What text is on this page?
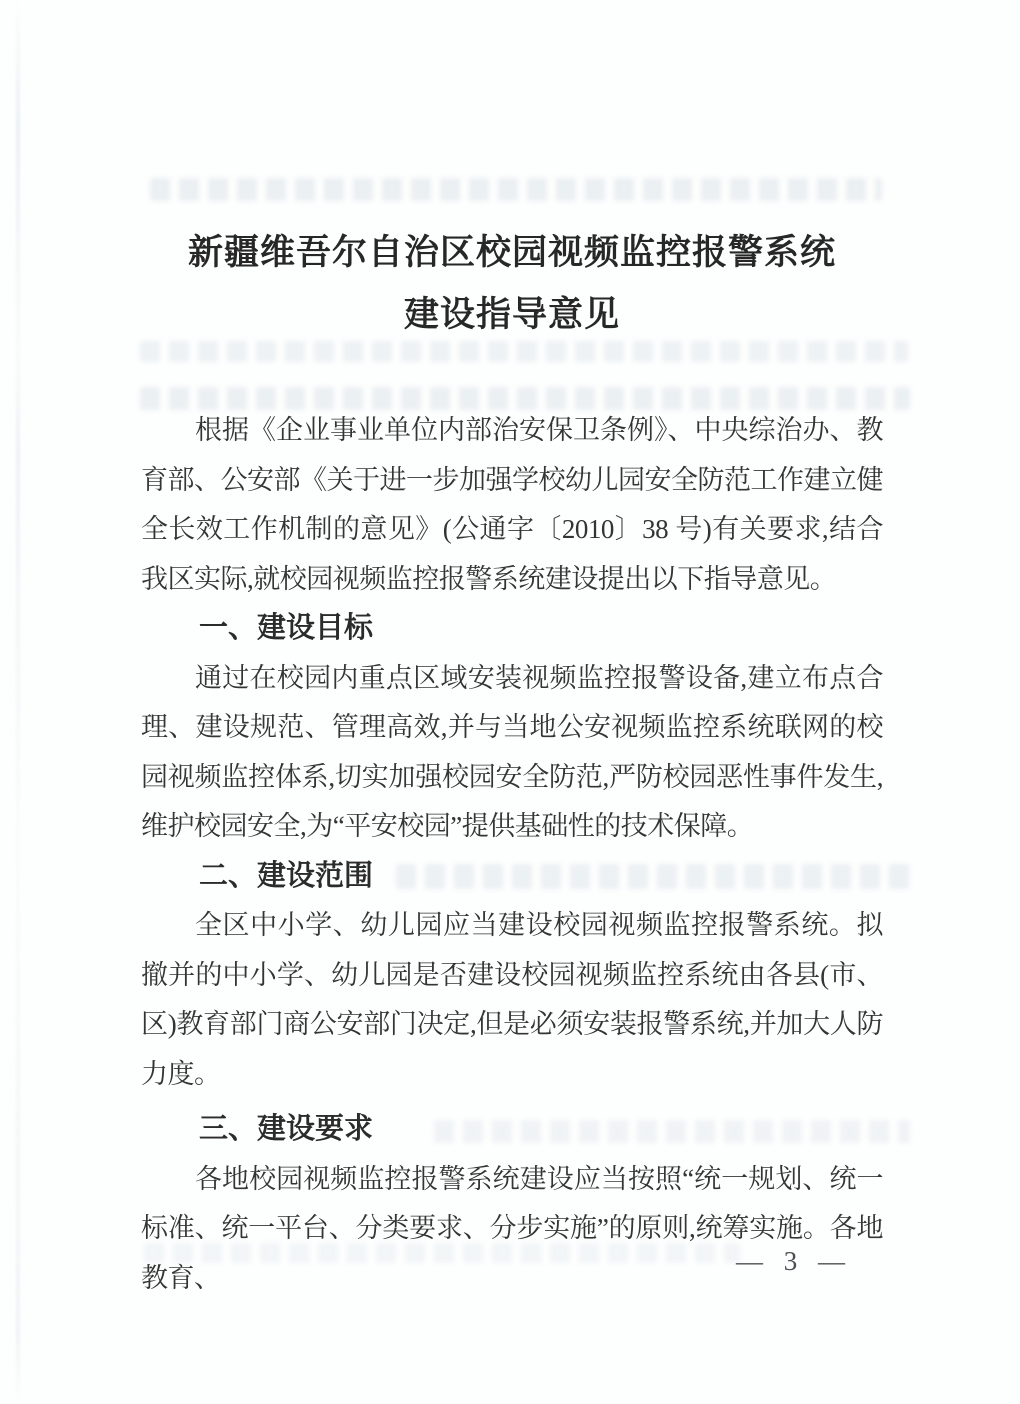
新疆维吾尔自治区校园视频监控报警系统
建设指导意见

根据《企业事业单位内部治安保卫条例》、中央综治办、教育部、公安部《关于进一步加强学校幼儿园安全防范工作建立健全长效工作机制的意见》(公通字〔2010〕38 号)有关要求,结合我区实际,就校园视频监控报警系统建设提出以下指导意见。

一、建设目标

通过在校园内重点区域安装视频监控报警设备,建立布点合理、建设规范、管理高效,并与当地公安视频监控系统联网的校园视频监控体系,切实加强校园安全防范,严防校园恶性事件发生,维护校园安全,为“平安校园”提供基础性的技术保障。

二、建设范围

全区中小学、幼儿园应当建设校园视频监控报警系统。拟撤并的中小学、幼儿园是否建设校园视频监控系统由各县(市、区)教育部门商公安部门决定,但是必须安装报警系统,并加大人防力度。

三、建设要求

各地校园视频监控报警系统建设应当按照“统一规划、统一标准、统一平台、分类要求、分步实施”的原则,统筹实施。各地教育、

— 3 —
